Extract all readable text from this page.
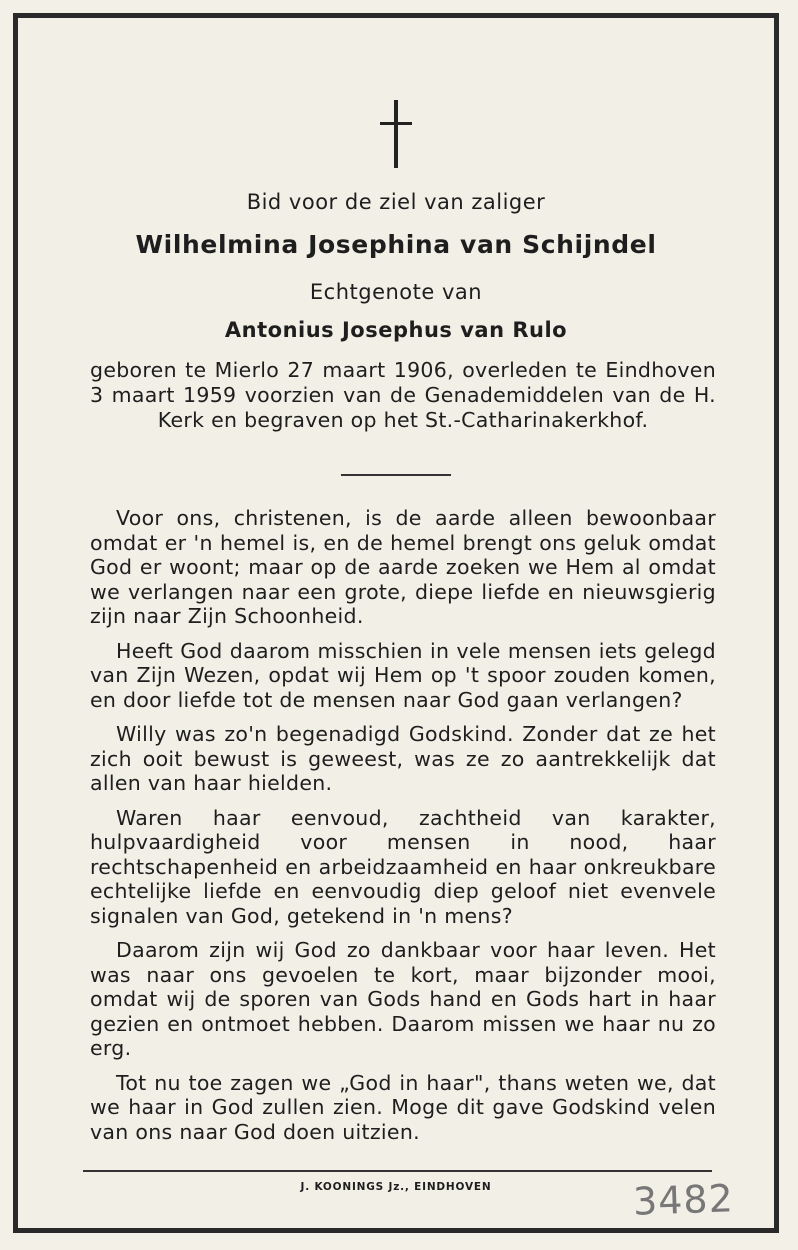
Bid voor de ziel van zaliger
Wilhelmina Josephina van Schijndel
Echtgenote van
Antonius Josephus van Rulo
geboren te Mierlo 27 maart 1906, overleden te Eindhoven 3 maart 1959 voorzien van de Genademiddelen van de H. Kerk en begraven op het St.-Catharinakerkhof.

Voor ons, christenen, is de aarde alleen bewoonbaar omdat er 'n hemel is, en de hemel brengt ons geluk omdat God er woont; maar op de aarde zoeken we Hem al omdat we verlangen naar een grote, diepe liefde en nieuwsgierig zijn naar Zijn Schoonheid.

Heeft God daarom misschien in vele mensen iets gelegd van Zijn Wezen, opdat wij Hem op 't spoor zouden komen, en door liefde tot de mensen naar God gaan verlangen?

Willy was zo'n begenadigd Godskind. Zonder dat ze het zich ooit bewust is geweest, was ze zo aantrekkelijk dat allen van haar hielden.

Waren haar eenvoud, zachtheid van karakter, hulpvaardigheid voor mensen in nood, haar rechtschapenheid en arbeidzaamheid en haar onkreukbare echtelijke liefde en eenvoudig diep geloof niet evenvele signalen van God, getekend in 'n mens?

Daarom zijn wij God zo dankbaar voor haar leven. Het was naar ons gevoelen te kort, maar bijzonder mooi, omdat wij de sporen van Gods hand en Gods hart in haar gezien en ontmoet hebben. Daarom missen we haar nu zo erg.

Tot nu toe zagen we „God in haar", thans weten we, dat we haar in God zullen zien. Moge dit gave Godskind velen van ons naar God doen uitzien.

J. KOONINGS Jz., EINDHOVEN	3482
